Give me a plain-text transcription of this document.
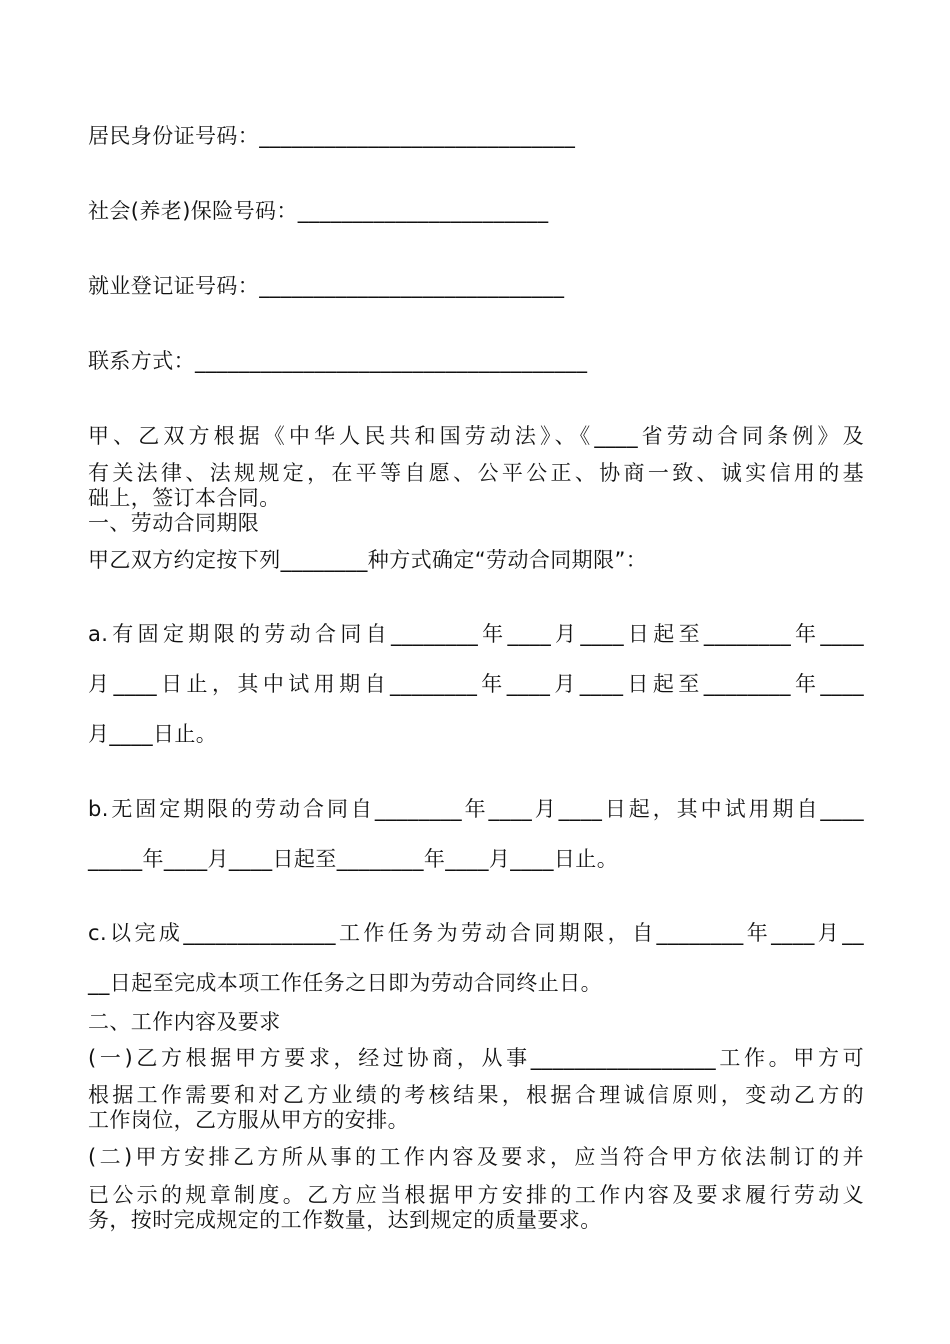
居民身份证号码：_____________________________
社会(养老)保险号码：_______________________
就业登记证号码：____________________________
联系方式：____________________________________
甲、乙双方根据《中华人民共和国劳动法》、《____省劳动合同条例》及
有关法律、法规规定，在平等自愿、公平公正、协商一致、诚实信用的基
础上，签订本合同。
一、劳动合同期限
甲乙双方约定按下列________种方式确定“劳动合同期限”：
a.有固定期限的劳动合同自________年____月____日起至________年____
月____日止，其中试用期自________年____月____日起至________年____
月____日止。
b.无固定期限的劳动合同自________年____月____日起，其中试用期自____
_____年____月____日起至________年____月____日止。
c.以完成______________工作任务为劳动合同期限，自________年____月__
__日起至完成本项工作任务之日即为劳动合同终止日。
二、工作内容及要求
(一)乙方根据甲方要求，经过协商，从事_________________工作。甲方可
根据工作需要和对乙方业绩的考核结果，根据合理诚信原则，变动乙方的
工作岗位，乙方服从甲方的安排。
(二)甲方安排乙方所从事的工作内容及要求，应当符合甲方依法制订的并
已公示的规章制度。乙方应当根据甲方安排的工作内容及要求履行劳动义
务，按时完成规定的工作数量，达到规定的质量要求。
